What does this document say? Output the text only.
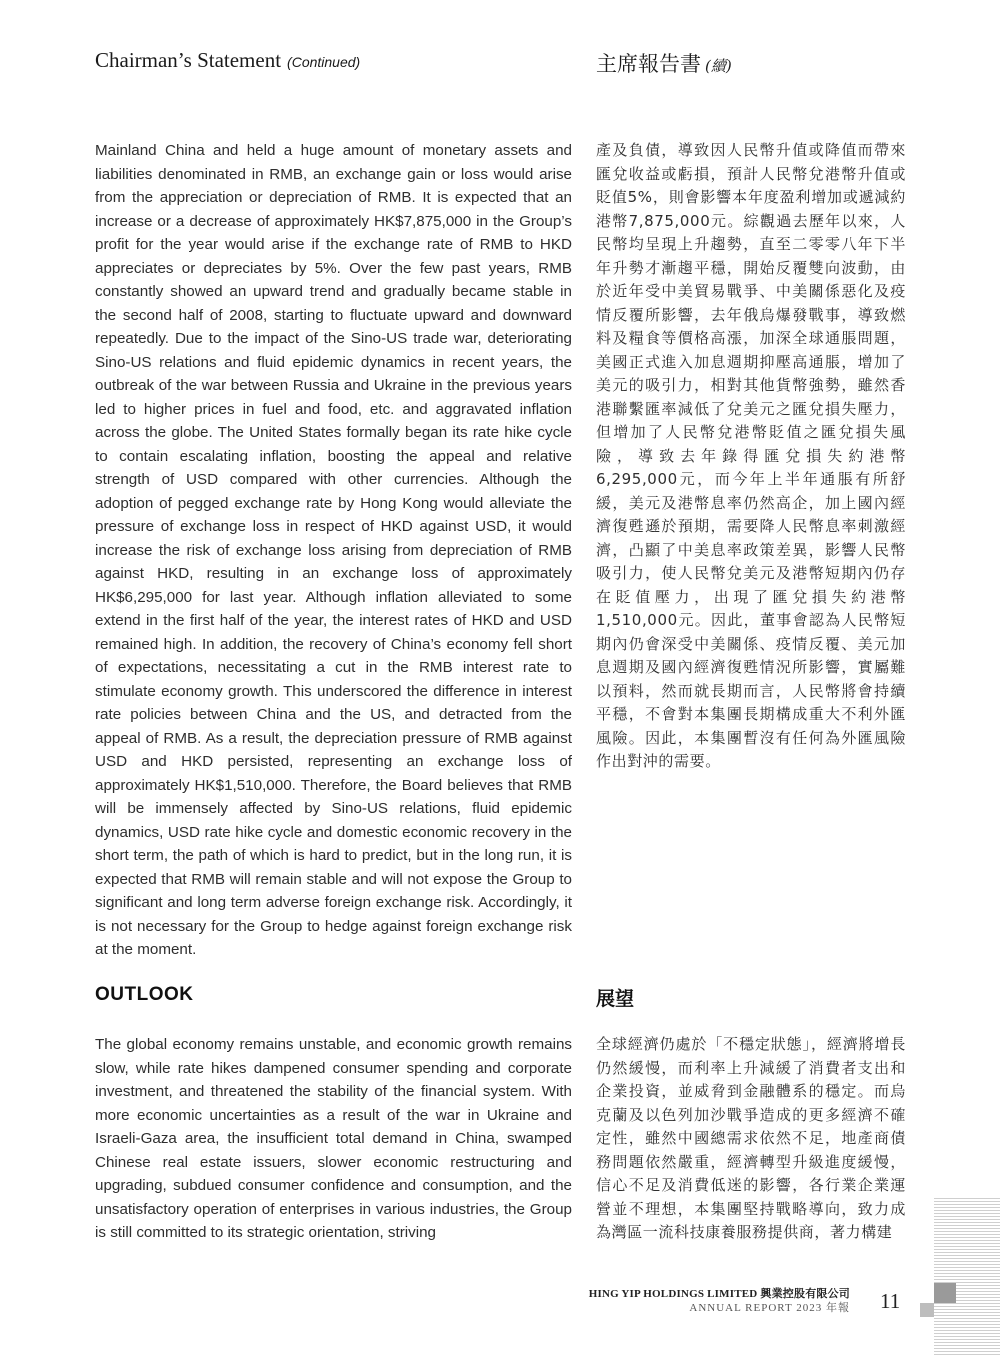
Chairman’s Statement (Continued)	主席報告書 (續)
Mainland China and held a huge amount of monetary assets and liabilities denominated in RMB, an exchange gain or loss would arise from the appreciation or depreciation of RMB. It is expected that an increase or a decrease of approximately HK$7,875,000 in the Group’s profit for the year would arise if the exchange rate of RMB to HKD appreciates or depreciates by 5%. Over the few past years, RMB constantly showed an upward trend and gradually became stable in the second half of 2008, starting to fluctuate upward and downward repeatedly. Due to the impact of the Sino-US trade war, deteriorating Sino-US relations and fluid epidemic dynamics in recent years, the outbreak of the war between Russia and Ukraine in the previous years led to higher prices in fuel and food, etc. and aggravated inflation across the globe. The United States formally began its rate hike cycle to contain escalating inflation, boosting the appeal and relative strength of USD compared with other currencies. Although the adoption of pegged exchange rate by Hong Kong would alleviate the pressure of exchange loss in respect of HKD against USD, it would increase the risk of exchange loss arising from depreciation of RMB against HKD, resulting in an exchange loss of approximately HK$6,295,000 for last year. Although inflation alleviated to some extend in the first half of the year, the interest rates of HKD and USD remained high. In addition, the recovery of China’s economy fell short of expectations, necessitating a cut in the RMB interest rate to stimulate economy growth. This underscored the difference in interest rate policies between China and the US, and detracted from the appeal of RMB. As a result, the depreciation pressure of RMB against USD and HKD persisted, representing an exchange loss of approximately HK$1,510,000. Therefore, the Board believes that RMB will be immensely affected by Sino-US relations, fluid epidemic dynamics, USD rate hike cycle and domestic economic recovery in the short term, the path of which is hard to predict, but in the long run, it is expected that RMB will remain stable and will not expose the Group to significant and long term adverse foreign exchange risk. Accordingly, it is not necessary for the Group to hedge against foreign exchange risk at the moment.
產及負債，導致因人民幣升值或降值而帶來匯兌收益或虧損，預計人民幣兌港幣升值或貶值5%，則會影響本年度盈利增加或遞減約港幣7,875,000元。綜觀過去歷年以來，人民幣均呈現上升趨勢，直至二零零八年下半年升勢才漸趨平穩，開始反覆雙向波動，由於近年受中美貿易戰爭、中美關係惡化及疫情反覆所影響，去年俄烏爆發戰事，導致燃料及糧食等價格高漲，加深全球通脹問題，美國正式進入加息週期抑壓高通脹，增加了美元的吸引力，相對其他貨幣強勢，雖然香港聯繫匯率減低了兌美元之匯兌損失壓力，但增加了人民幣兌港幣貶值之匯兌損失風險，導致去年錄得匯兌損失約港幣6,295,000元，而今年上半年通脹有所舒緩，美元及港幣息率仍然高企，加上國內經濟復甦遜於預期，需要降人民幣息率刺激經濟，凸顯了中美息率政策差異，影響人民幣吸引力，使人民幣兌美元及港幣短期內仍存在貶值壓力，出現了匯兌損失約港幣1,510,000元。因此，董事會認為人民幣短期內仍會深受中美關係、疫情反覆、美元加息週期及國內經濟復甦情況所影響，實屬難以預料，然而就長期而言，人民幣將會持續平穩，不會對本集團長期構成重大不利外匯風險。因此，本集團暫沒有任何為外匯風險作出對沖的需要。
OUTLOOK	展望
The global economy remains unstable, and economic growth remains slow, while rate hikes dampened consumer spending and corporate investment, and threatened the stability of the financial system. With more economic uncertainties as a result of the war in Ukraine and Israeli-Gaza area, the insufficient total demand in China, swamped Chinese real estate issuers, slower economic restructuring and upgrading, subdued consumer confidence and consumption, and the unsatisfactory operation of enterprises in various industries, the Group is still committed to its strategic orientation, striving
全球經濟仍處於「不穩定狀態」，經濟將增長仍然緩慢，而利率上升減緩了消費者支出和企業投資，並威脅到金融體系的穩定。而烏克蘭及以色列加沙戰爭造成的更多經濟不確定性，雖然中國總需求依然不足，地產商債務問題依然嚴重，經濟轉型升級進度緩慢，信心不足及消費低迷的影響，各行業企業運營並不理想，本集團堅持戰略導向，致力成為灣區一流科技康養服務提供商，著力構建
HING YIP HOLDINGS LIMITED 興業控股有限公司
ANNUAL REPORT 2023 年報 11
